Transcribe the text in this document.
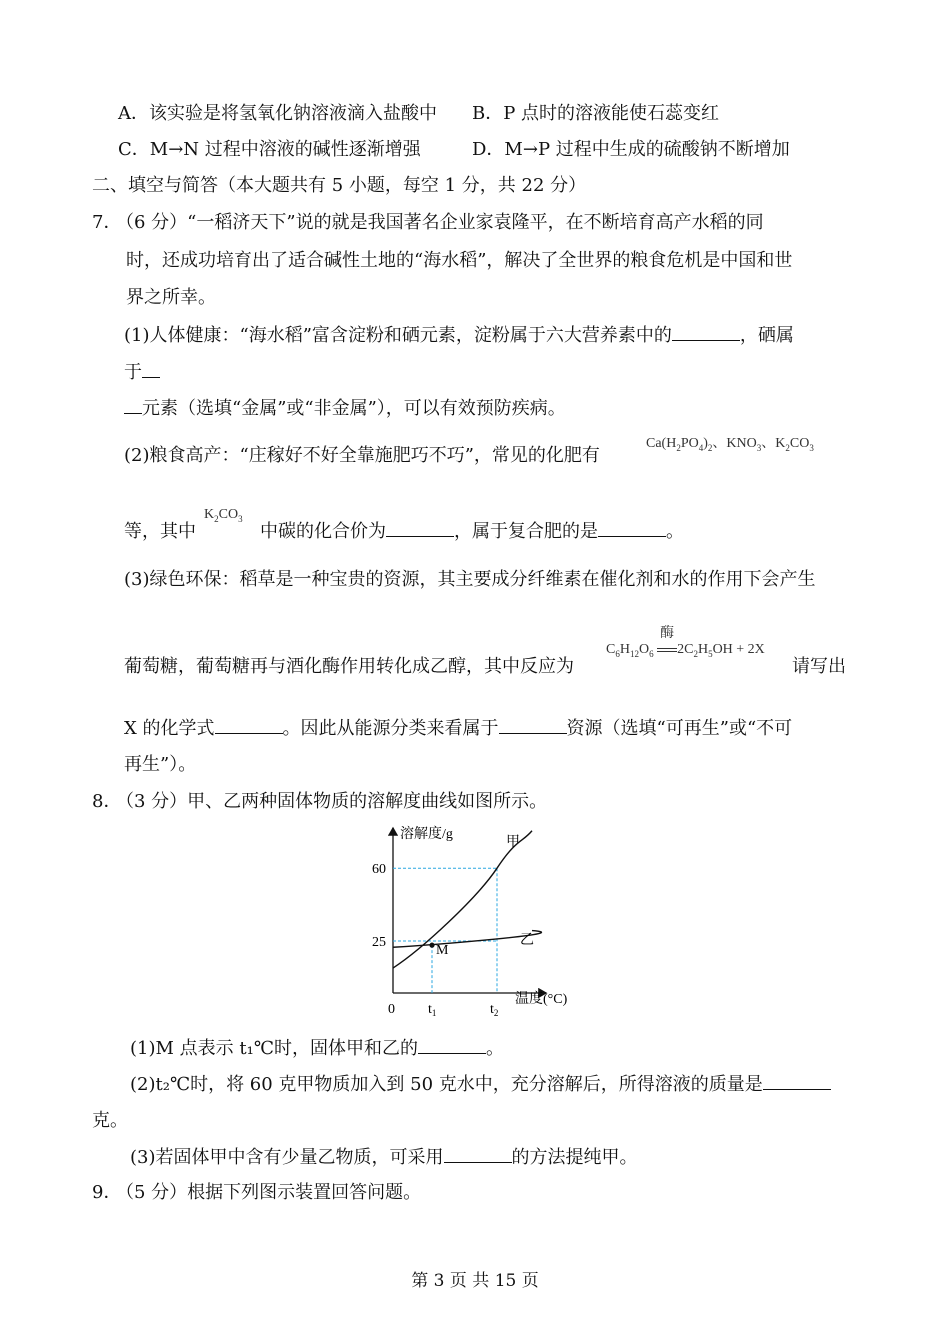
A．该实验是将氢氧化钠溶液滴入盐酸中 B．P 点时的溶液能使石蕊变红
C．M→N 过程中溶液的碱性逐渐增强	D．M→P 过程中生成的硫酸钠不断增加
二、填空与简答（本大题共有 5 小题，每空 1 分，共 22 分）
7．
（6 分）“一稻济天下”说的就是我国著名企业家袁隆平，在不断培育高产水稻的同
时，还成功培育出了适合碱性土地的“海水稻”，解决了全世界的粮食危机是中国和世
界之所幸。
(1)人体健康：“海水稻”富含淀粉和硒元素，淀粉属于六大营养素中的	，硒属
于
元素（选填“金属”或“非金属”），可以有效预防疾病。
(2)粮食高产：“庄稼好不好全靠施肥巧不巧”，常见的化肥有
$Ca(H_2PO_4)_2$、$KNO_3$、$K_2CO_3$
等，其中	中碳的化合价为	，属于复合肥的是	。
$K_2CO_3$
(3)绿色环保：稻草是一种宝贵的资源，其主要成分纤维素在催化剂和水的作用下会产生
葡萄糖，葡萄糖再与酒化酶作用转化成乙醇，其中反应为
$C_6H_{12}O_6$
酶
$2C_2H_5OH + 2X$
请写出
X 的化学式	。因此从能源分类来看属于	资源（选填“可再生”或“不可
再生”）。
8．
（3 分）甲、乙两种固体物质的溶解度曲线如图所示。
甲
乙
M
60
25
0 $t_1$	$t_2$
溶解度/g
温度(°C)
(1)M 点表示 t₁℃时，固体甲和乙的	。
(2)t₂℃时，将 60 克甲物质加入到 50 克水中，充分溶解后，所得溶液的质量是
克。
(3)若固体甲中含有少量乙物质，可采用	的方法提纯甲。
9．
（5 分）根据下列图示装置回答问题。
第 3 页 共 15 页
